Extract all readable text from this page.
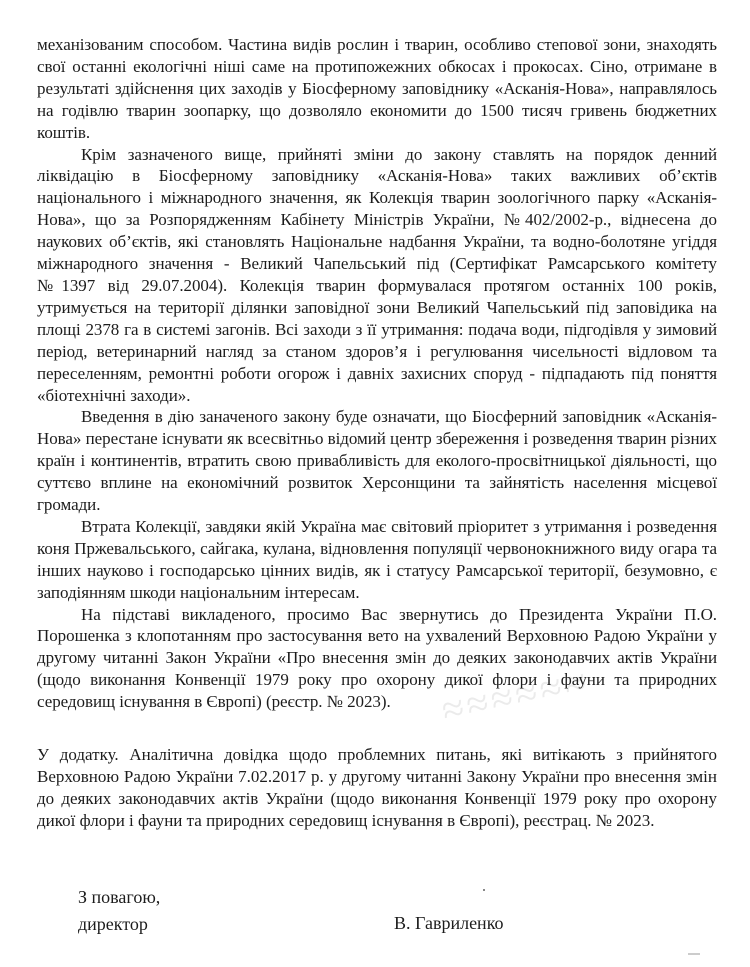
механізованим способом. Частина видів рослин і тварин, особливо степової зони, знаходять свої останні екологічні ніші саме на протипожежних обкосах і прокосах. Сіно, отримане в результаті здійснення цих заходів у Біосферному заповіднику «Асканія-Нова», направлялось на годівлю тварин зоопарку, що дозволяло економити до 1500 тисяч гривень бюджетних коштів.

Крім зазначеного вище, прийняті зміни до закону ставлять на порядок денний ліквідацію в Біосферному заповіднику «Асканія-Нова» таких важливих об’єктів національного і міжнародного значення, як Колекція тварин зоологічного парку «Асканія-Нова», що за Розпорядженням Кабінету Міністрів України, №402/2002-р., віднесена до наукових об’єктів, які становлять Національне надбання України, та водно-болотяне угіддя міжнародного значення - Великий Чапельський під (Сертифікат Рамсарського комітету №1397 від 29.07.2004). Колекція тварин формувалася протягом останніх 100 років, утримується на території ділянки заповідної зони Великий Чапельський під заповідика на площі 2378 га в системі загонів. Всі заходи з її утримання: подача води, підгодівля у зимовий період, ветеринарний нагляд за станом здоров’я і регулювання чисельності відловом та переселенням, ремонтні роботи огорож і давніх захисних споруд - підпадають під поняття «біотехнічні заходи».

Введення в дію заначеного закону буде означати, що Біосферний заповідник «Асканія-Нова» перестане існувати як всесвітньо відомий центр збереження і розведення тварин різних країн і континентів, втратить свою привабливість для еколого-просвітницької діяльності, що суттєво вплине на економічний розвиток Херсонщини та зайнятість населення місцевої громади.

Втрата Колекції, завдяки якій Україна має світовий пріоритет з утримання і розведення коня Пржевальського, сайгака, кулана, відновлення популяції червонокнижного виду огара та інших науково і господарсько цінних видів, як і статусу Рамсарської території, безумовно, є заподіянням шкоди національним інтересам.

На підставі викладеного, просимо Вас звернутись до Президента України П.О. Порошенка з клопотанням про застосування вето на ухвалений Верховною Радою України у другому читанні Закон України «Про внесення змін до деяких законодавчих актів України (щодо виконання Конвенції 1979 року про охорону дикої флори і фауни та природних середовищ існування в Європі) (реєстр. № 2023).

У додатку. Аналітична довідка щодо проблемних питань, які витікають з прийнятого Верховною Радою України 7.02.2017 р. у другому читанні Закону України про внесення змін до деяких законодавчих актів України (щодо виконання Конвенції 1979 року про охорону дикої флори і фауни та природних середовищ існування в Європі), реєстрац. № 2023.

З повагою,
директор	В. Гавриленко
≈≈≈≈≈≈
